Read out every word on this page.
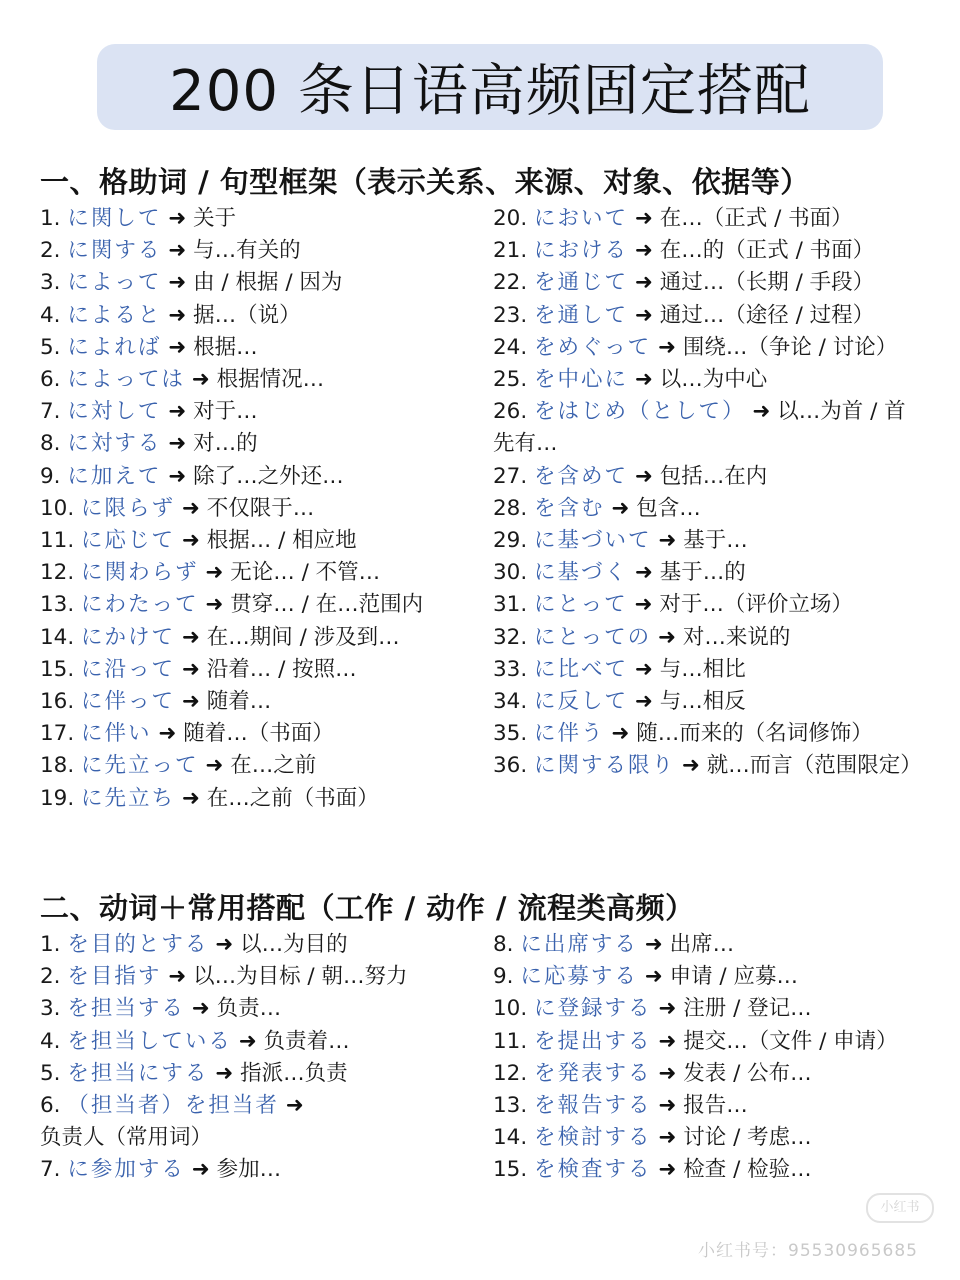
200 条日语高频固定搭配
一、格助词 / 句型框架（表示关系、来源、对象、依据等）
1. に関して ➜ 关于
2. に関する ➜ 与…有关的
3. によって ➜ 由 / 根据 / 因为
4. によると ➜ 据…（说）
5. によれば ➜ 根据…
6. によっては ➜ 根据情况…
7. に対して ➜ 对于…
8. に対する ➜ 对…的
9. に加えて ➜ 除了…之外还…
10. に限らず ➜ 不仅限于…
11. に応じて ➜ 根据… / 相应地
12. に関わらず ➜ 无论… / 不管…
13. にわたって ➜ 贯穿… / 在…范围内
14. にかけて ➜ 在…期间 / 涉及到…
15. に沿って ➜ 沿着… / 按照…
16. に伴って ➜ 随着…
17. に伴い ➜ 随着…（书面）
18. に先立って ➜ 在…之前
19. に先立ち ➜ 在…之前（书面）
20. において ➜ 在…（正式 / 书面）
21. における ➜ 在…的（正式 / 书面）
22. を通じて ➜ 通过…（长期 / 手段）
23. を通して ➜ 通过…（途径 / 过程）
24. をめぐって ➜ 围绕…（争论 / 讨论）
25. を中心に ➜ 以…为中心
26. をはじめ（として） ➜ 以…为首 / 首先有…
27. を含めて ➜ 包括…在内
28. を含む ➜ 包含…
29. に基づいて ➜ 基于…
30. に基づく ➜ 基于…的
31. にとって ➜ 对于…（评价立场）
32. にとっての ➜ 对…来说的
33. に比べて ➜ 与…相比
34. に反して ➜ 与…相反
35. に伴う ➜ 随…而来的（名词修饰）
36. に関する限り ➜ 就…而言（范围限定）
二、动词＋常用搭配（工作 / 动作 / 流程类高频）
1. を目的とする ➜ 以…为目的
2. を目指す ➜ 以…为目标 / 朝…努力
3. を担当する ➜ 负责…
4. を担当している ➜ 负责着…
5. を担当にする ➜ 指派…负责
6. （担当者）を担当者 ➜ 负责人（常用词）
7. に参加する ➜ 参加…
8. に出席する ➜ 出席…
9. に応募する ➜ 申请 / 应募…
10. に登録する ➜ 注册 / 登记…
11. を提出する ➜ 提交…（文件 / 申请）
12. を発表する ➜ 发表 / 公布…
13. を報告する ➜ 报告…
14. を検討する ➜ 讨论 / 考虑…
15. を検査する ➜ 检查 / 检验…
小红书
小红书号：95530965685
